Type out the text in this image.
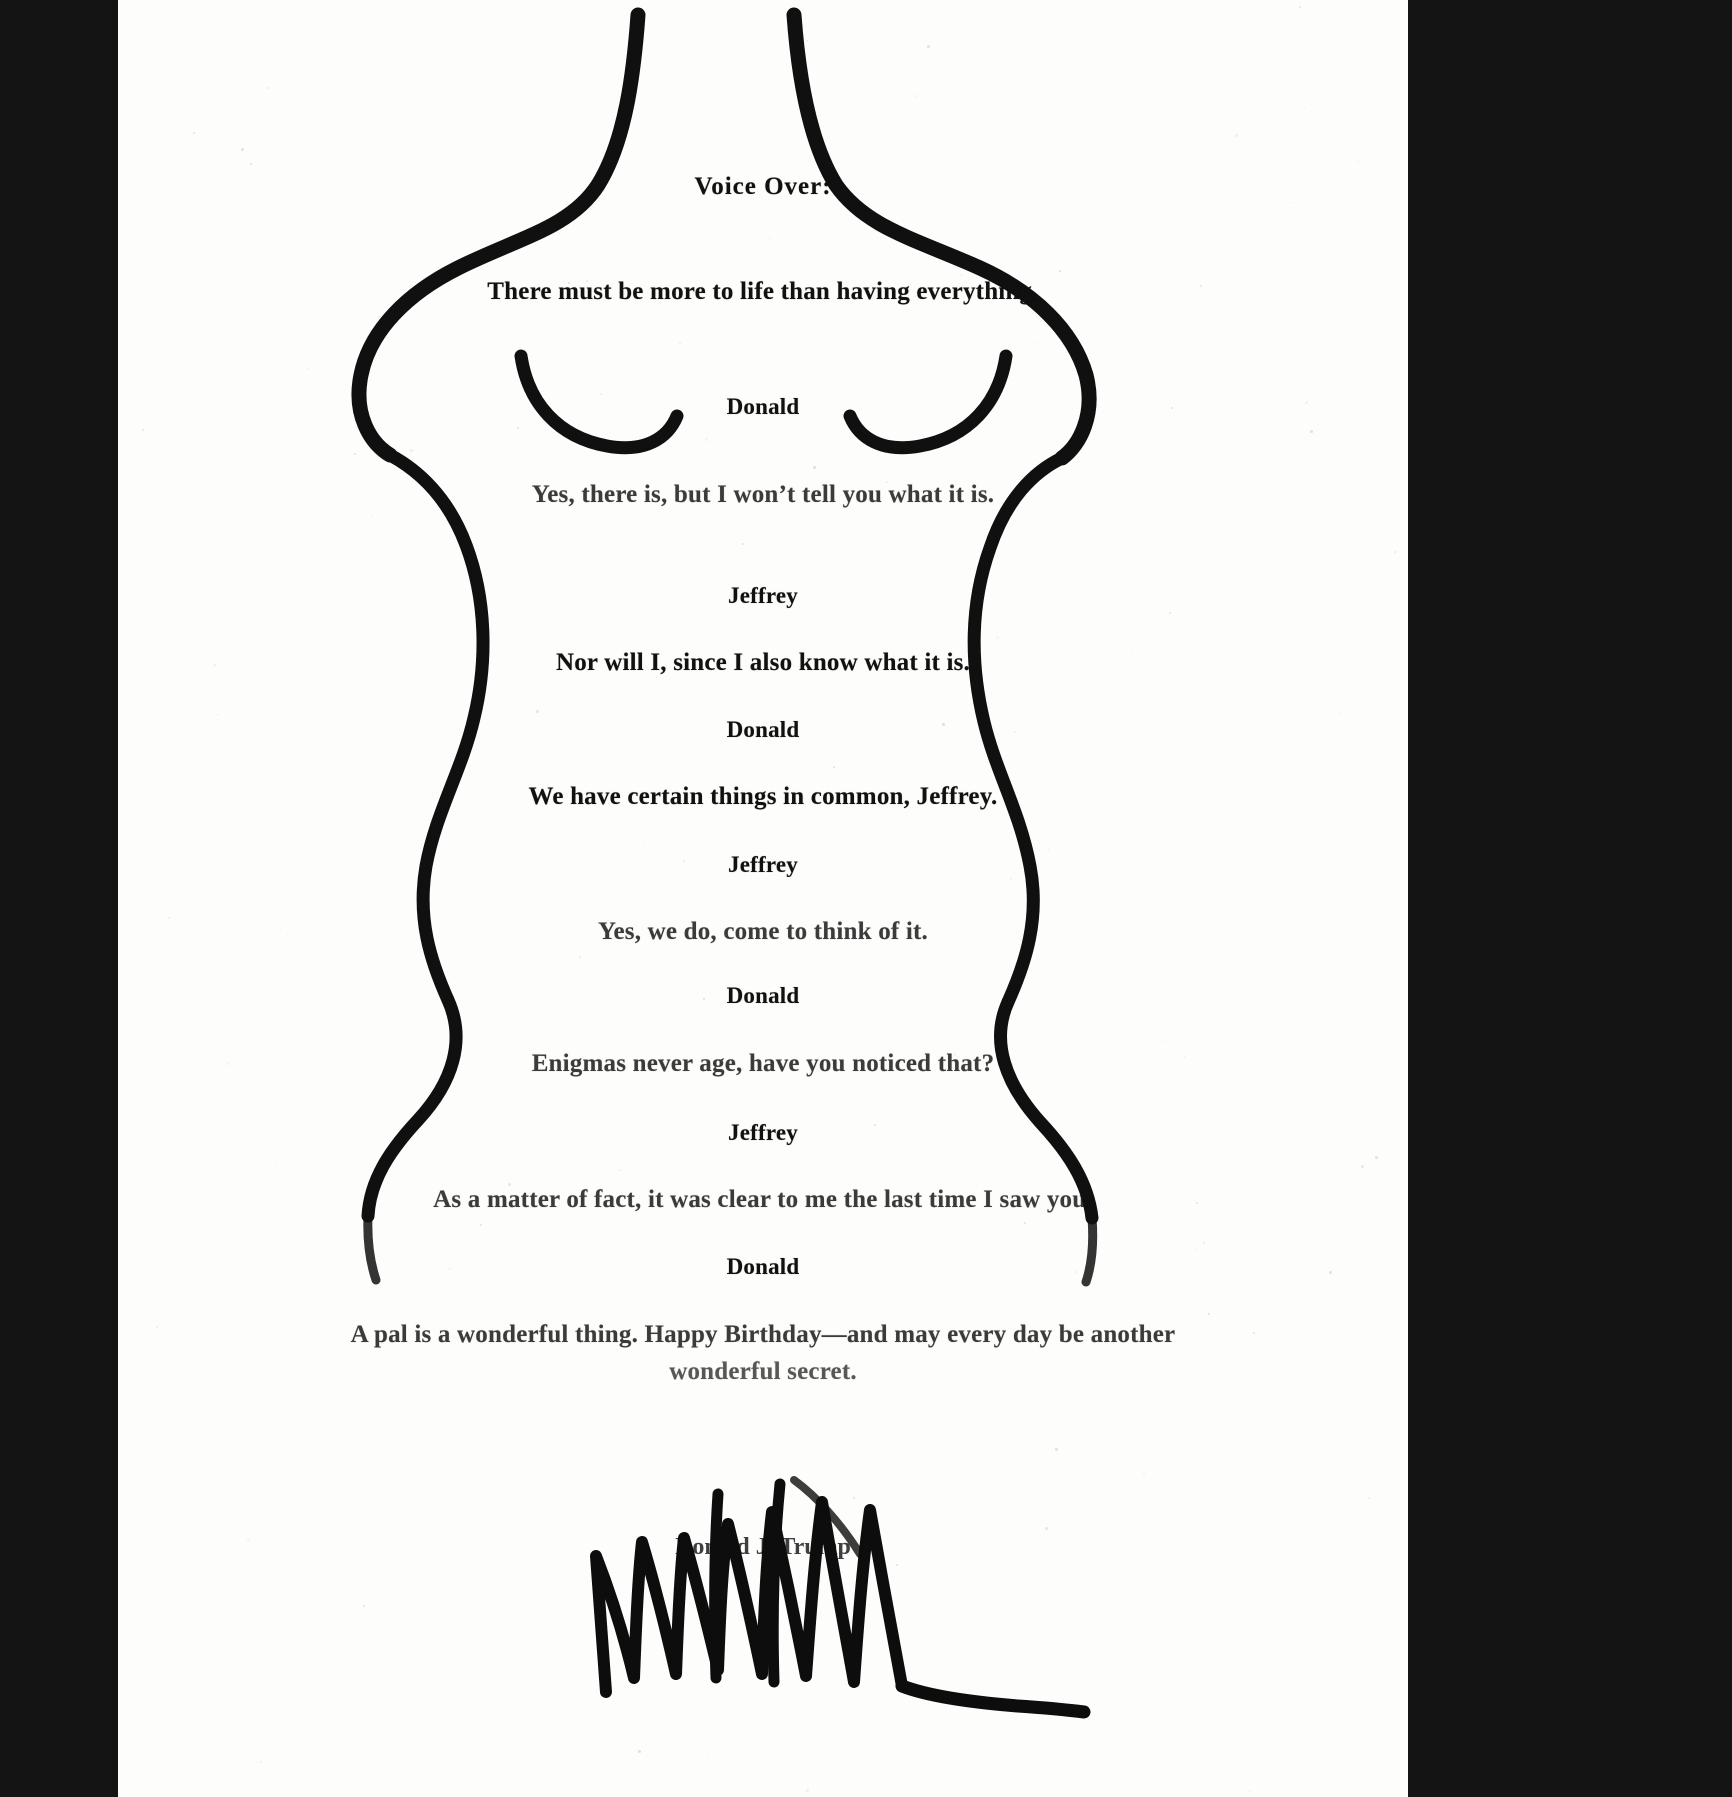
Voice Over:
There must be more to life than having everything.
Donald
Yes, there is, but I won’t tell you what it is.
Jeffrey
Nor will I, since I also know what it is.
Donald
We have certain things in common, Jeffrey.
Jeffrey
Yes, we do, come to think of it.
Donald
Enigmas never age, have you noticed that?
Jeffrey
As a matter of fact, it was clear to me the last time I saw you.
Donald
A pal is a wonderful thing. Happy Birthday—and may every day be another
wonderful secret.
Donald J. Trump
